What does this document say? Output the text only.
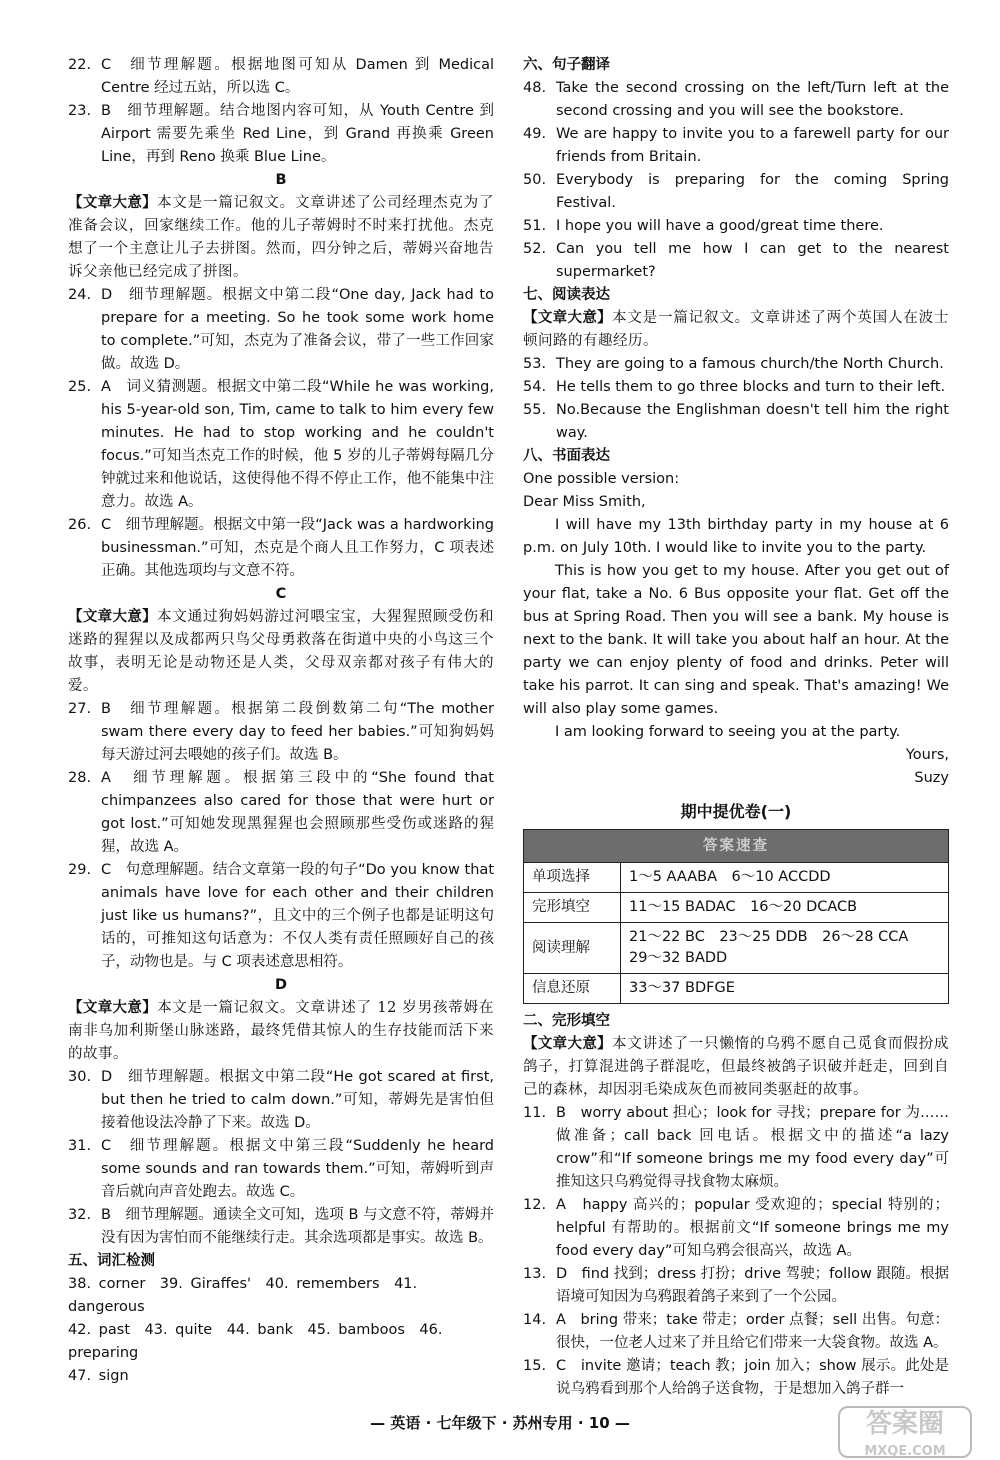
22. C　细节理解题。根据地图可知从 Damen 到 Medical Centre 经过五站，所以选 C。
23. B　细节理解题。结合地图内容可知，从 Youth Centre 到 Airport 需要先乘坐 Red Line，到 Grand 再换乘 Green Line，再到 Reno 换乘 Blue Line。
B

【文章大意】本文是一篇记叙文。文章讲述了公司经理杰克为了准备会议，回家继续工作。他的儿子蒂姆时不时来打扰他。杰克想了一个主意让儿子去拼图。然而，四分钟之后，蒂姆兴奋地告诉父亲他已经完成了拼图。

24. D　细节理解题。根据文中第二段“One day, Jack had to prepare for a meeting. So he took some work home to complete.”可知，杰克为了准备会议，带了一些工作回家做。故选 D。
25. A　词义猜测题。根据文中第二段“While he was working, his 5-year-old son, Tim, came to talk to him every few minutes. He had to stop working and he couldn't focus.”可知当杰克工作的时候，他 5 岁的儿子蒂姆每隔几分钟就过来和他说话，这使得他不得不停止工作，他不能集中注意力。故选 A。
26. C　细节理解题。根据文中第一段“Jack was a hardworking businessman.”可知，杰克是个商人且工作努力，C 项表述正确。其他选项均与文意不符。
C

【文章大意】本文通过狗妈妈游过河喂宝宝，大猩猩照顾受伤和迷路的猩猩以及成都两只鸟父母勇救落在街道中央的小鸟这三个故事，表明无论是动物还是人类，父母双亲都对孩子有伟大的爱。

27. B　细节理解题。根据第二段倒数第二句“The mother swam there every day to feed her babies.”可知狗妈妈每天游过河去喂她的孩子们。故选 B。
28. A　细节理解题。根据第三段中的“She found that chimpanzees also cared for those that were hurt or got lost.”可知她发现黑猩猩也会照顾那些受伤或迷路的猩猩，故选 A。
29. C　句意理解题。结合文章第一段的句子“Do you know that animals have love for each other and their children just like us humans?”，且文中的三个例子也都是证明这句话的，可推知这句话意为：不仅人类有责任照顾好自己的孩子，动物也是。与 C 项表述意思相符。
D

【文章大意】本文是一篇记叙文。文章讲述了 12 岁男孩蒂姆在南非乌加利斯堡山脉迷路，最终凭借其惊人的生存技能而活下来的故事。

30. D　细节理解题。根据文中第二段“He got scared at first, but then he tried to calm down.”可知，蒂姆先是害怕但接着他设法冷静了下来。故选 D。
31. C　细节理解题。根据文中第三段“Suddenly he heard some sounds and ran towards them.”可知，蒂姆听到声音后就向声音处跑去。故选 C。
32. B　细节理解题。通读全文可知，选项 B 与文意不符，蒂姆并没有因为害怕而不能继续行走。其余选项都是事实。故选 B。
五、词汇检测
38. corner　39. Giraffes'　40. remembers　41. dangerous
42. past　43. quite　44. bank　45. bamboos　46. preparing
47. sign
六、句子翻译
48. Take the second crossing on the left/Turn left at the second crossing and you will see the bookstore.
49. We are happy to invite you to a farewell party for our friends from Britain.
50. Everybody is preparing for the coming Spring Festival.
51. I hope you will have a good/great time there.
52. Can you tell me how I can get to the nearest supermarket?
七、阅读表达

【文章大意】本文是一篇记叙文。文章讲述了两个英国人在波士顿问路的有趣经历。

53. They are going to a famous church/the North Church.
54. He tells them to go three blocks and turn to their left.
55. No.Because the Englishman doesn't tell him the right way.
八、书面表达
One possible version:
Dear Miss Smith,
I will have my 13th birthday party in my house at 6 p.m. on July 10th. I would like to invite you to the party.
This is how you get to my house. After you get out of your flat, take a No. 6 Bus opposite your flat. Get off the bus at Spring Road. Then you will see a bank. My house is next to the bank. It will take you about half an hour. At the party we can enjoy plenty of food and drinks. Peter will take his parrot. It can sing and speak. That's amazing! We will also play some games.
I am looking forward to seeing you at the party.
Yours,
Suzy
期中提优卷(一)
答案速查	
单项选择	1～5 AAABA　6～10 ACCDD
完形填空	11～15 BADAC　16～20 DCACB
阅读理解	21～22 BC　23～25 DDB　26～28 CCA
29～32 BADD
信息还原	33～37 BDFGE
二、完形填空

【文章大意】本文讲述了一只懒惰的乌鸦不愿自己觅食而假扮成鸽子，打算混进鸽子群混吃，但最终被鸽子识破并赶走，回到自己的森林，却因羽毛染成灰色而被同类驱赶的故事。

11. B　worry about 担心；look for 寻找；prepare for 为……做准备；call back 回电话。根据文中的描述“a lazy crow”和“If someone brings me my food every day”可推知这只乌鸦觉得寻找食物太麻烦。
12. A　happy 高兴的；popular 受欢迎的；special 特别的；helpful 有帮助的。根据前文“If someone brings me my food every day”可知乌鸦会很高兴，故选 A。
13. D　find 找到；dress 打扮；drive 驾驶；follow 跟随。根据语境可知因为乌鸦跟着鸽子来到了一个公园。
14. A　bring 带来；take 带走；order 点餐；sell 出售。句意：很快，一位老人过来了并且给它们带来一大袋食物。故选 A。
15. C　invite 邀请；teach 教；join 加入；show 展示。此处是说乌鸦看到那个人给鸽子送食物，于是想加入鸽子群一
— 英语 · 七年级下 · 苏州专用 · 10 —	答案圈
MXQE.COM
